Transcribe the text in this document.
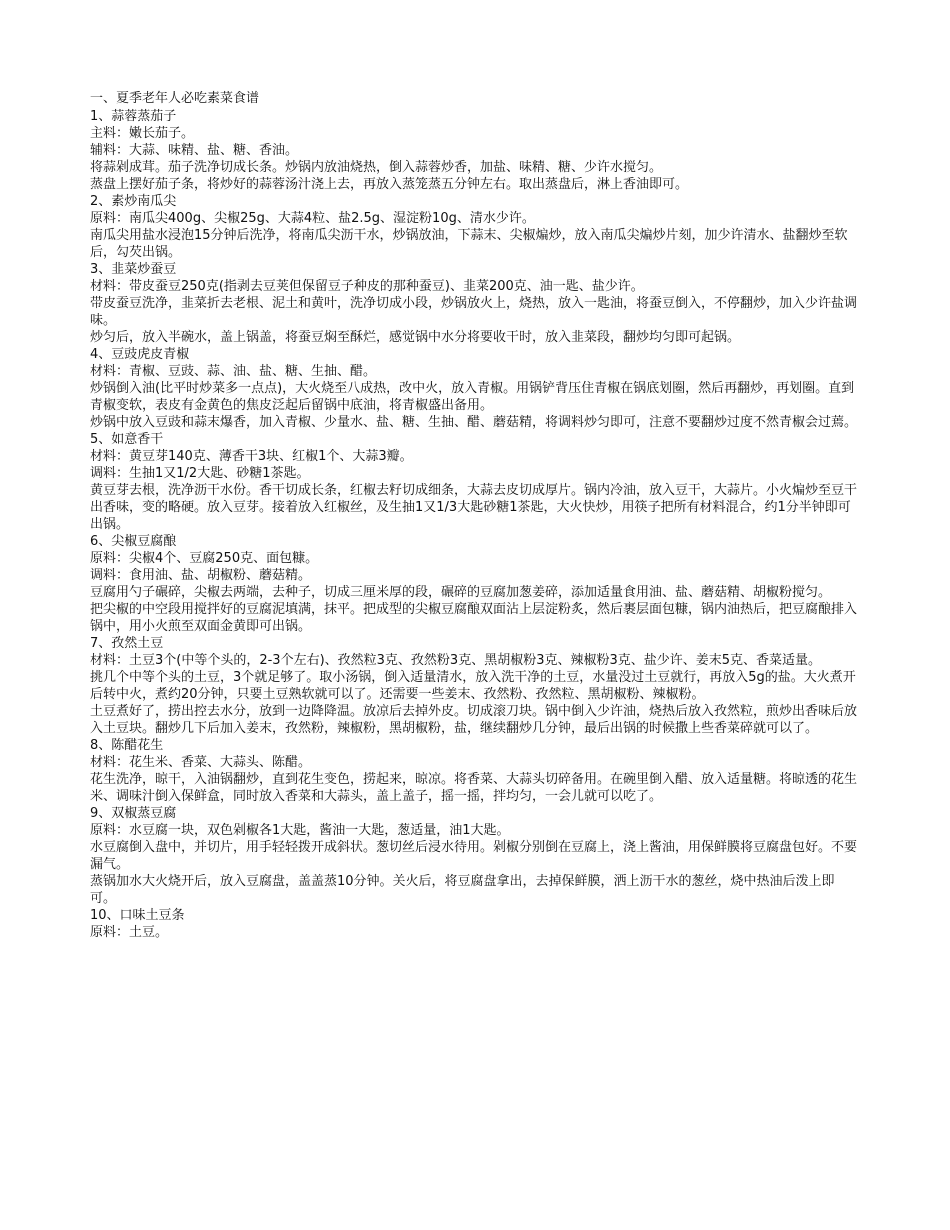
一、夏季老年人必吃素菜食谱

1、蒜蓉蒸茄子

主料：嫩长茄子。

辅料：大蒜、味精、盐、糖、香油。

将蒜剁成茸。茄子洗净切成长条。炒锅内放油烧热，倒入蒜蓉炒香，加盐、味精、糖、少许水搅匀。

蒸盘上摆好茄子条，将炒好的蒜蓉汤汁浇上去，再放入蒸笼蒸五分钟左右。取出蒸盘后，淋上香油即可。

2、素炒南瓜尖

原料：南瓜尖400g、尖椒25g、大蒜4粒、盐2.5g、湿淀粉10g、清水少许。

南瓜尖用盐水浸泡15分钟后洗净，将南瓜尖沥干水，炒锅放油，下蒜末、尖椒煸炒，放入南瓜尖煸炒片刻，加少许清水、盐翻炒至软后，勾芡出锅。

3、韭菜炒蚕豆

材料：带皮蚕豆250克(指剥去豆荚但保留豆子种皮的那种蚕豆)、韭菜200克、油一匙、盐少许。

带皮蚕豆洗净，韭菜折去老根、泥土和黄叶，洗净切成小段，炒锅放火上，烧热，放入一匙油，将蚕豆倒入，不停翻炒，加入少许盐调味。

炒匀后，放入半碗水，盖上锅盖，将蚕豆焖至酥烂，感觉锅中水分将要收干时，放入韭菜段，翻炒均匀即可起锅。

4、豆豉虎皮青椒

材料：青椒、豆豉、蒜、油、盐、糖、生抽、醋。

炒锅倒入油(比平时炒菜多一点点)，大火烧至八成热，改中火，放入青椒。用锅铲背压住青椒在锅底划圈，然后再翻炒，再划圈。直到青椒变软，表皮有金黄色的焦皮泛起后留锅中底油，将青椒盛出备用。

炒锅中放入豆豉和蒜末爆香，加入青椒、少量水、盐、糖、生抽、醋、蘑菇精，将调料炒匀即可，注意不要翻炒过度不然青椒会过蔫。

5、如意香干

材料：黄豆芽140克、薄香干3块、红椒1个、大蒜3瓣。

调料：生抽1又1/2大匙、砂糖1茶匙。

黄豆芽去根，洗净沥干水份。香干切成长条，红椒去籽切成细条，大蒜去皮切成厚片。锅内冷油，放入豆干，大蒜片。小火煸炒至豆干出香味，变的略硬。放入豆芽。接着放入红椒丝，及生抽1又1/3大匙砂糖1茶匙，大火快炒，用筷子把所有材料混合，约1分半钟即可出锅。

6、尖椒豆腐酿

原料：尖椒4个、豆腐250克、面包糠。

调料：食用油、盐、胡椒粉、蘑菇精。

豆腐用勺子碾碎，尖椒去两端，去种子，切成三厘米厚的段，碾碎的豆腐加葱姜碎，添加适量食用油、盐、蘑菇精、胡椒粉搅匀。

把尖椒的中空段用搅拌好的豆腐泥填满，抹平。把成型的尖椒豆腐酿双面沾上层淀粉炙，然后裹层面包糠，锅内油热后，把豆腐酿排入锅中，用小火煎至双面金黄即可出锅。

7、孜然土豆

材料：土豆3个(中等个头的，2-3个左右)、孜然粒3克、孜然粉3克、黑胡椒粉3克、辣椒粉3克、盐少许、姜末5克、香菜适量。

挑几个中等个头的土豆，3个就足够了。取小汤锅，倒入适量清水，放入洗干净的土豆，水量没过土豆就行，再放入5g的盐。大火煮开后转中火，煮约20分钟，只要土豆熟软就可以了。还需要一些姜末、孜然粉、孜然粒、黑胡椒粉、辣椒粉。

土豆煮好了，捞出控去水分，放到一边降降温。放凉后去掉外皮。切成滚刀块。锅中倒入少许油，烧热后放入孜然粒，煎炒出香味后放入土豆块。翻炒几下后加入姜末，孜然粉，辣椒粉，黑胡椒粉，盐，继续翻炒几分钟，最后出锅的时候撒上些香菜碎就可以了。

8、陈醋花生

材料：花生米、香菜、大蒜头、陈醋。

花生洗净，晾干，入油锅翻炒，直到花生变色，捞起来，晾凉。将香菜、大蒜头切碎备用。在碗里倒入醋、放入适量糖。将晾透的花生米、调味汁倒入保鲜盒，同时放入香菜和大蒜头，盖上盖子，摇一摇，拌均匀，一会儿就可以吃了。

9、双椒蒸豆腐

原料：水豆腐一块，双色剁椒各1大匙，酱油一大匙，葱适量，油1大匙。

水豆腐倒入盘中，并切片，用手轻轻拨开成斜状。葱切丝后浸水待用。剁椒分别倒在豆腐上，浇上酱油，用保鲜膜将豆腐盘包好。不要漏气。

蒸锅加水大火烧开后，放入豆腐盘，盖盖蒸10分钟。关火后，将豆腐盘拿出，去掉保鲜膜，洒上沥干水的葱丝，烧中热油后泼上即可。

10、口味土豆条

原料：土豆。
